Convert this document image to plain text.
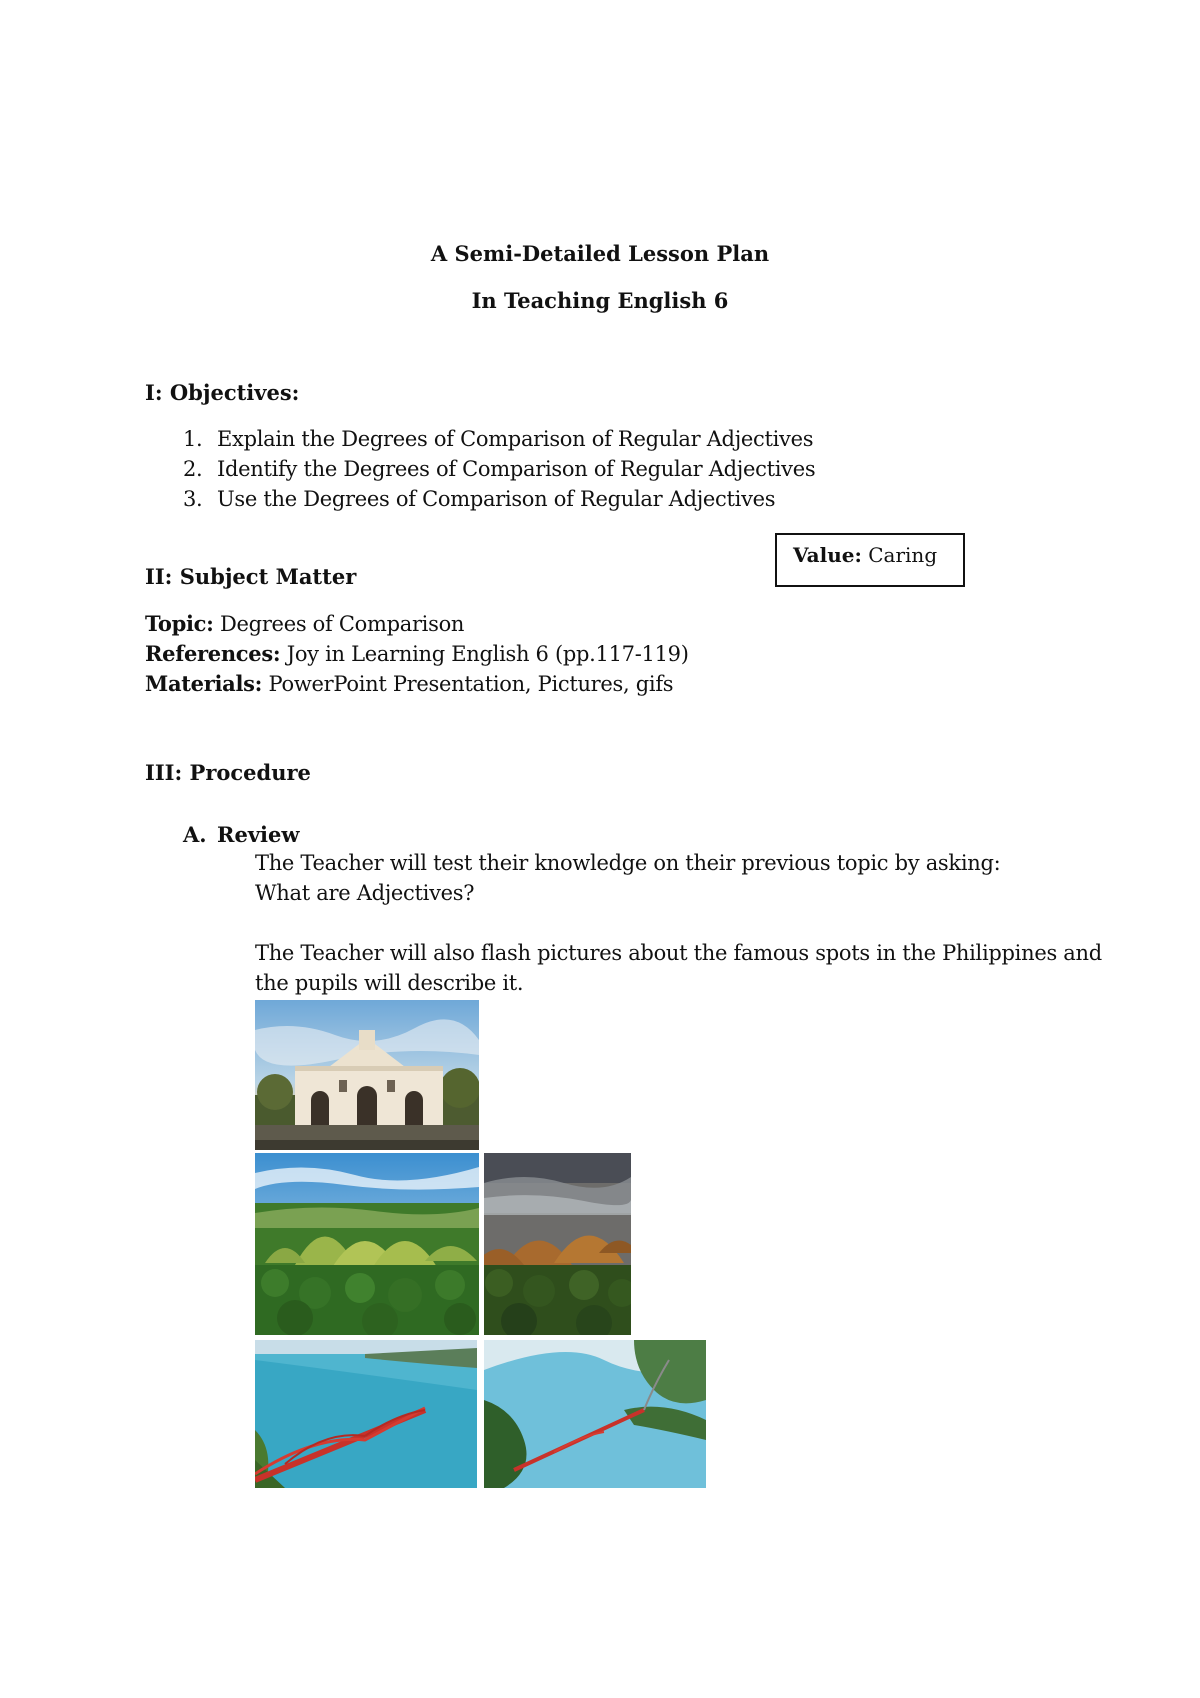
A Semi-Detailed Lesson Plan
In Teaching English 6
I: Objectives:
1. Explain the Degrees of Comparison of Regular Adjectives
2. Identify the Degrees of Comparison of Regular Adjectives
3. Use the Degrees of Comparison of Regular Adjectives
Value: Caring
II: Subject Matter
Topic: Degrees of Comparison
References: Joy in Learning English 6 (pp.117-119)
Materials: PowerPoint Presentation, Pictures, gifs
III: Procedure
A. Review
The Teacher will test their knowledge on their previous topic by asking:
What are Adjectives?
The Teacher will also flash pictures about the famous spots in the Philippines and
the pupils will describe it.
